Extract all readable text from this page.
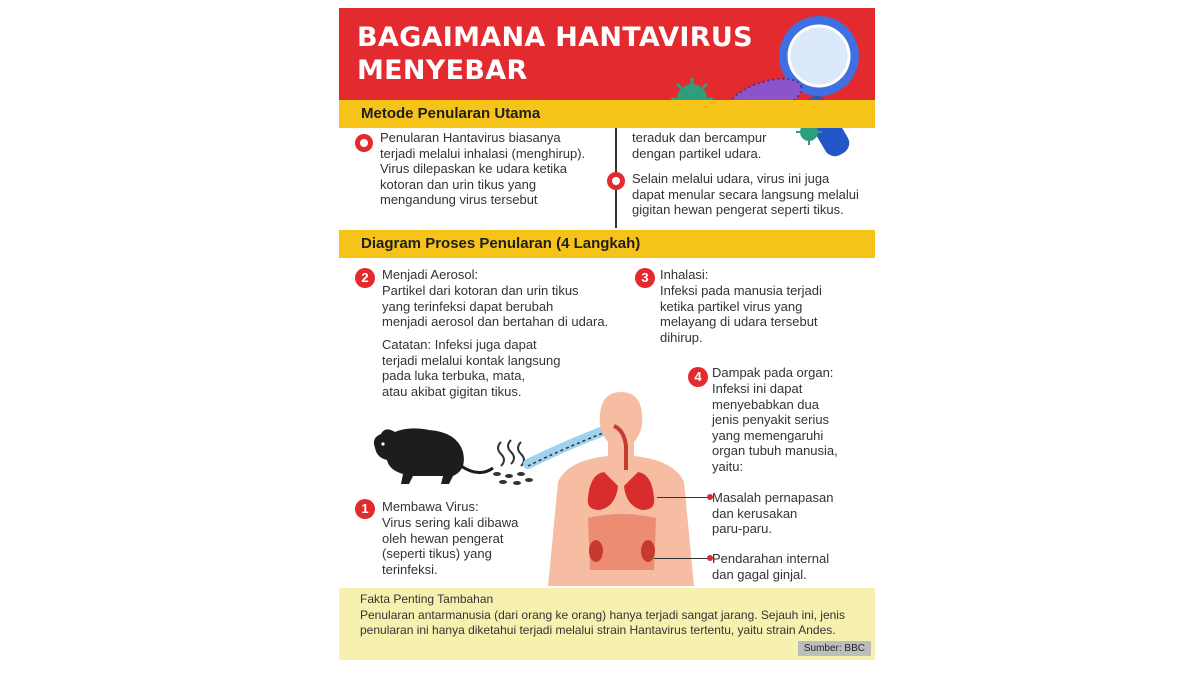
BAGAIMANA HANTAVIRUS MENYEBAR
Metode Penularan Utama

Penularan Hantavirus biasanya
terjadi melalui inhalasi (menghirup).
Virus dilepaskan ke udara ketika
kotoran dan urin tikus yang
mengandung virus tersebut

teraduk dan bercampur
dengan partikel udara.

Selain melalui udara, virus ini juga
dapat menular secara langsung melalui
gigitan hewan pengerat seperti tikus.

Diagram Proses Penularan (4 Langkah)
2	Menjadi Aerosol:

Partikel dari kotoran dan urin tikus
yang terinfeksi dapat berubah
menjadi aerosol dan bertahan di udara.

Catatan: Infeksi juga dapat
terjadi melalui kontak langsung
pada luka terbuka, mata,
atau akibat gigitan tikus.

3 Inhalasi:

Infeksi pada manusia terjadi
ketika partikel virus yang
melayang di udara tersebut
dihirup.

4 Dampak pada organ:

Infeksi ini dapat
menyebabkan dua
jenis penyakit serius
yang memengaruhi
organ tubuh manusia,
yaitu:

Masalah pernapasan
dan kerusakan
paru-paru.

Pendarahan internal
dan gagal ginjal.

1	Membawa Virus:

Virus sering kali dibawa
oleh hewan pengerat
(seperti tikus) yang
terinfeksi.

Fakta Penting Tambahan

Penularan antarmanusia (dari orang ke orang) hanya terjadi sangat jarang. Sejauh ini, jenis penularan ini hanya diketahui terjadi melalui strain Hantavirus tertentu, yaitu strain Andes.

Sumber: BBC
